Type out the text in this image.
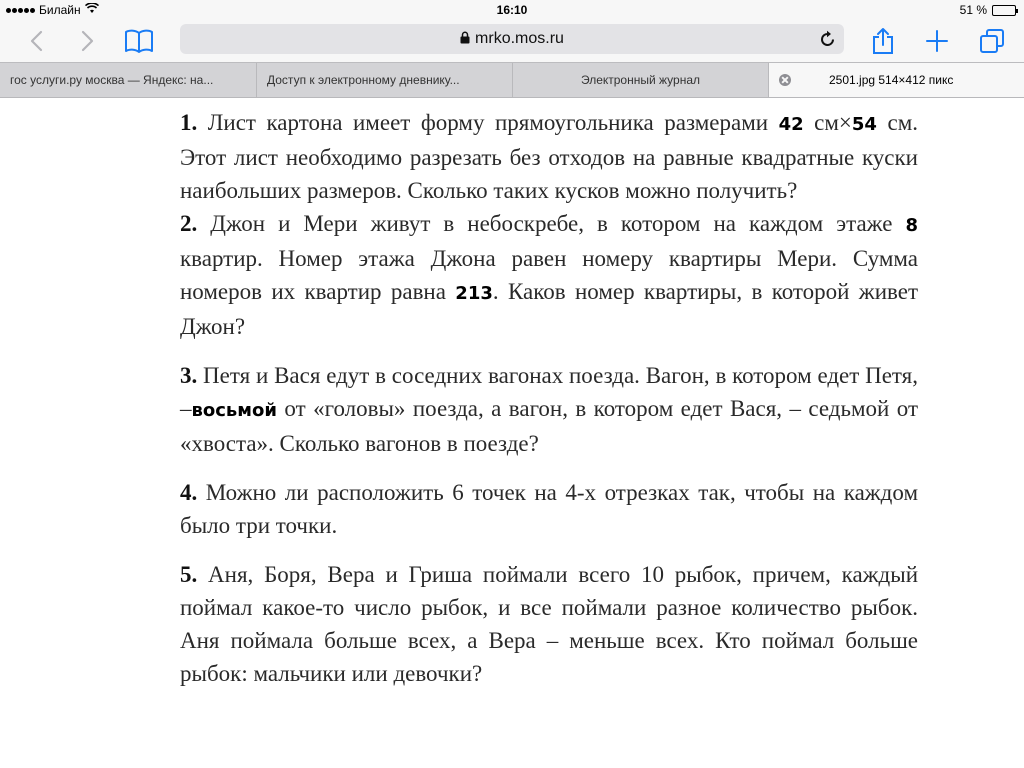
Билайн	16:10	51 %
mrko.mos.ru
гос услуги.ру москва — Яндекс: на...	Доступ к электронному дневнику...	Электронный журнал	2501.jpg 514×412 пикс

1. Лист картона имеет форму прямоугольника размерами 42 см×54 см. Этот лист необходимо разрезать без отходов на равные квадратные куски наибольших размеров. Сколько таких кусков можно получить?

2. Джон и Мери живут в небоскребе, в котором на каждом этаже 8 квартир. Номер этажа Джона равен номеру квартиры Мери. Сумма номеров их квартир равна 213. Каков номер квартиры, в которой живет Джон?

3. Петя и Вася едут в соседних вагонах поезда. Вагон, в котором едет Петя, –восьмой от «головы» поезда, а вагон, в котором едет Вася, – седьмой от «хвоста». Сколько вагонов в поезде?

4. Можно ли расположить 6 точек на 4-х отрезках так, чтобы на каждом было три точки.

5. Аня, Боря, Вера и Гриша поймали всего 10 рыбок, причем, каждый поймал какое-то число рыбок, и все поймали разное количество рыбок. Аня поймала больше всех, а Вера – меньше всех. Кто поймал больше рыбок: мальчики или девочки?
